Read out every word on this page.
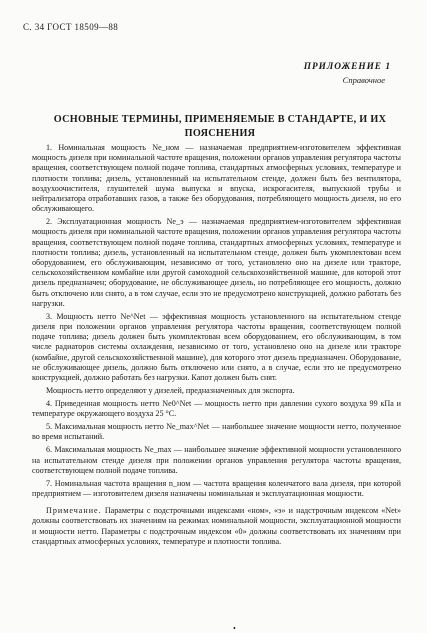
С. 34 ГОСТ 18509—88
ПРИЛОЖЕНИЕ 1
Справочное
ОСНОВНЫЕ ТЕРМИНЫ, ПРИМЕНЯЕМЫЕ В СТАНДАРТЕ, И ИХ ПОЯСНЕНИЯ

1. Номинальная мощность Ne_ном — назначаемая предприятием-изготовителем эффективная мощность дизеля при номинальной частоте вращения, положении органов управления регулятора частоты вращения, соответствующем полной подаче топлива, стандартных атмосферных условиях, температуре и плотности топлива; дизель, установленный на испытательном стенде, должен быть без вентилятора, воздухоочистителя, глушителей шума выпуска и впуска, искрогасителя, выпускной трубы и нейтрализатора отработавших газов, а также без оборудования, потребляющего мощность дизеля, но его обслуживающего.

2. Эксплуатационная мощность Ne_э — назначаемая предприятием-изготовителем эффективная мощность дизеля при номинальной частоте вращения, положении органов управления регулятора частоты вращения, соответствующем полной подаче топлива, стандартных атмосферных условиях, температуре и плотности топлива; дизель, установленный на испытательном стенде, должен быть укомплектован всем оборудованием, его обслуживающим, независимо от того, установлено оно на дизеле или тракторе, сельскохозяйственном комбайне или другой самоходной сельскохозяйственной машине, для которой этот дизель предназначен; оборудование, не обслуживающее дизель, но потребляющее его мощность, должно быть отключено или снято, а в том случае, если это не предусмотрено конструкцией, должно работать без нагрузки.

3. Мощность нетто Ne^Net — эффективная мощность установленного на испытательном стенде дизеля при положении органов управления регулятора частоты вращения, соответствующем полной подаче топлива; дизель должен быть укомплектован всем оборудованием, его обслуживающим, в том числе радиаторов системы охлаждения, независимо от того, установлено оно на дизеле или тракторе (комбайне, другой сельскохозяйственной машине), для которого этот дизель предназначен. Оборудование, не обслуживающее дизель, должно быть отключено или снято, а в случае, если это не предусмотрено конструкцией, должно работать без нагрузки. Капот должен быть снят.

Мощность нетто определяют у дизелей, предназначенных для экспорта.

4. Приведенная мощность нетто Ne0^Net — мощность нетто при давлении сухого воздуха 99 кПа и температуре окружающего воздуха 25 °С.

5. Максимальная мощность нетто Ne_max^Net — наибольшее значение мощности нетто, полученное во время испытаний.

6. Максимальная мощность Ne_max — наибольшее значение эффективной мощности установленного на испытательном стенде дизеля при положении органов управления регулятора частоты вращения, соответствующем полной подаче топлива.

7. Номинальная частота вращения n_ном — частота вращения коленчатого вала дизеля, при которой предприятием — изготовителем дизеля назначены номинальная и эксплуатационная мощности.

Примечание. Параметры с подстрочными индексами «ном», «э» и надстрочным индексом «Net» должны соответствовать их значениям на режимах номинальной мощности, эксплуатационной мощности и мощности нетто. Параметры с подстрочным индексом «0» должны соответствовать их значениям при стандартных атмосферных условиях, температуре и плотности топлива.

•
